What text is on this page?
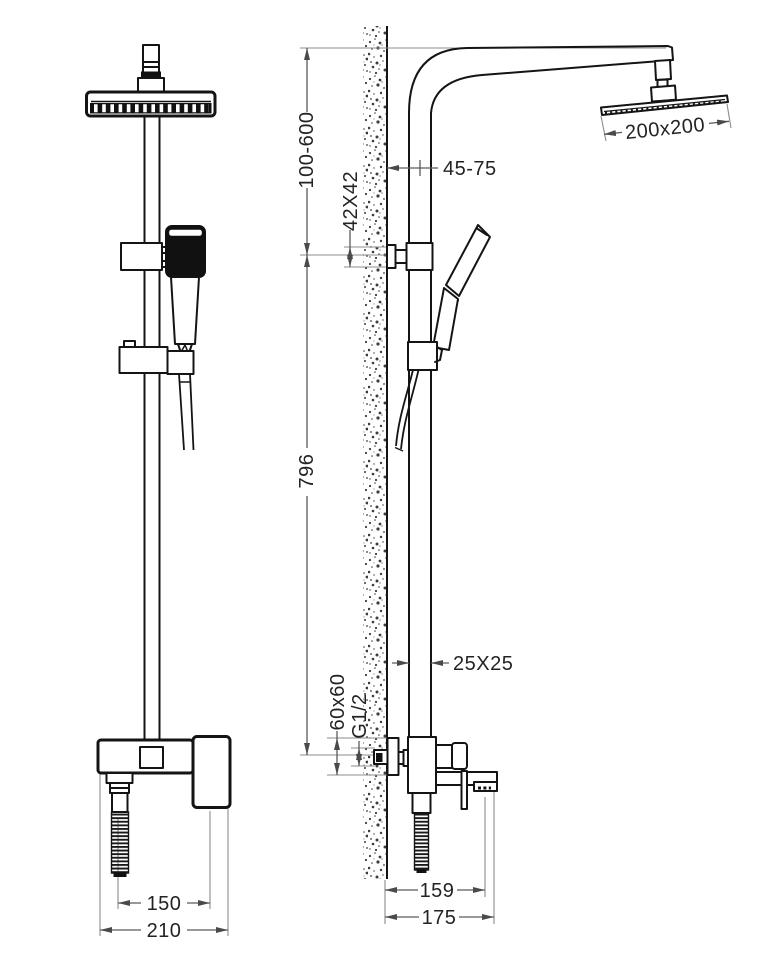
100-600
796
42X42
45-75
200x200
25X25
60x60 G1/2
159
175
150
210
